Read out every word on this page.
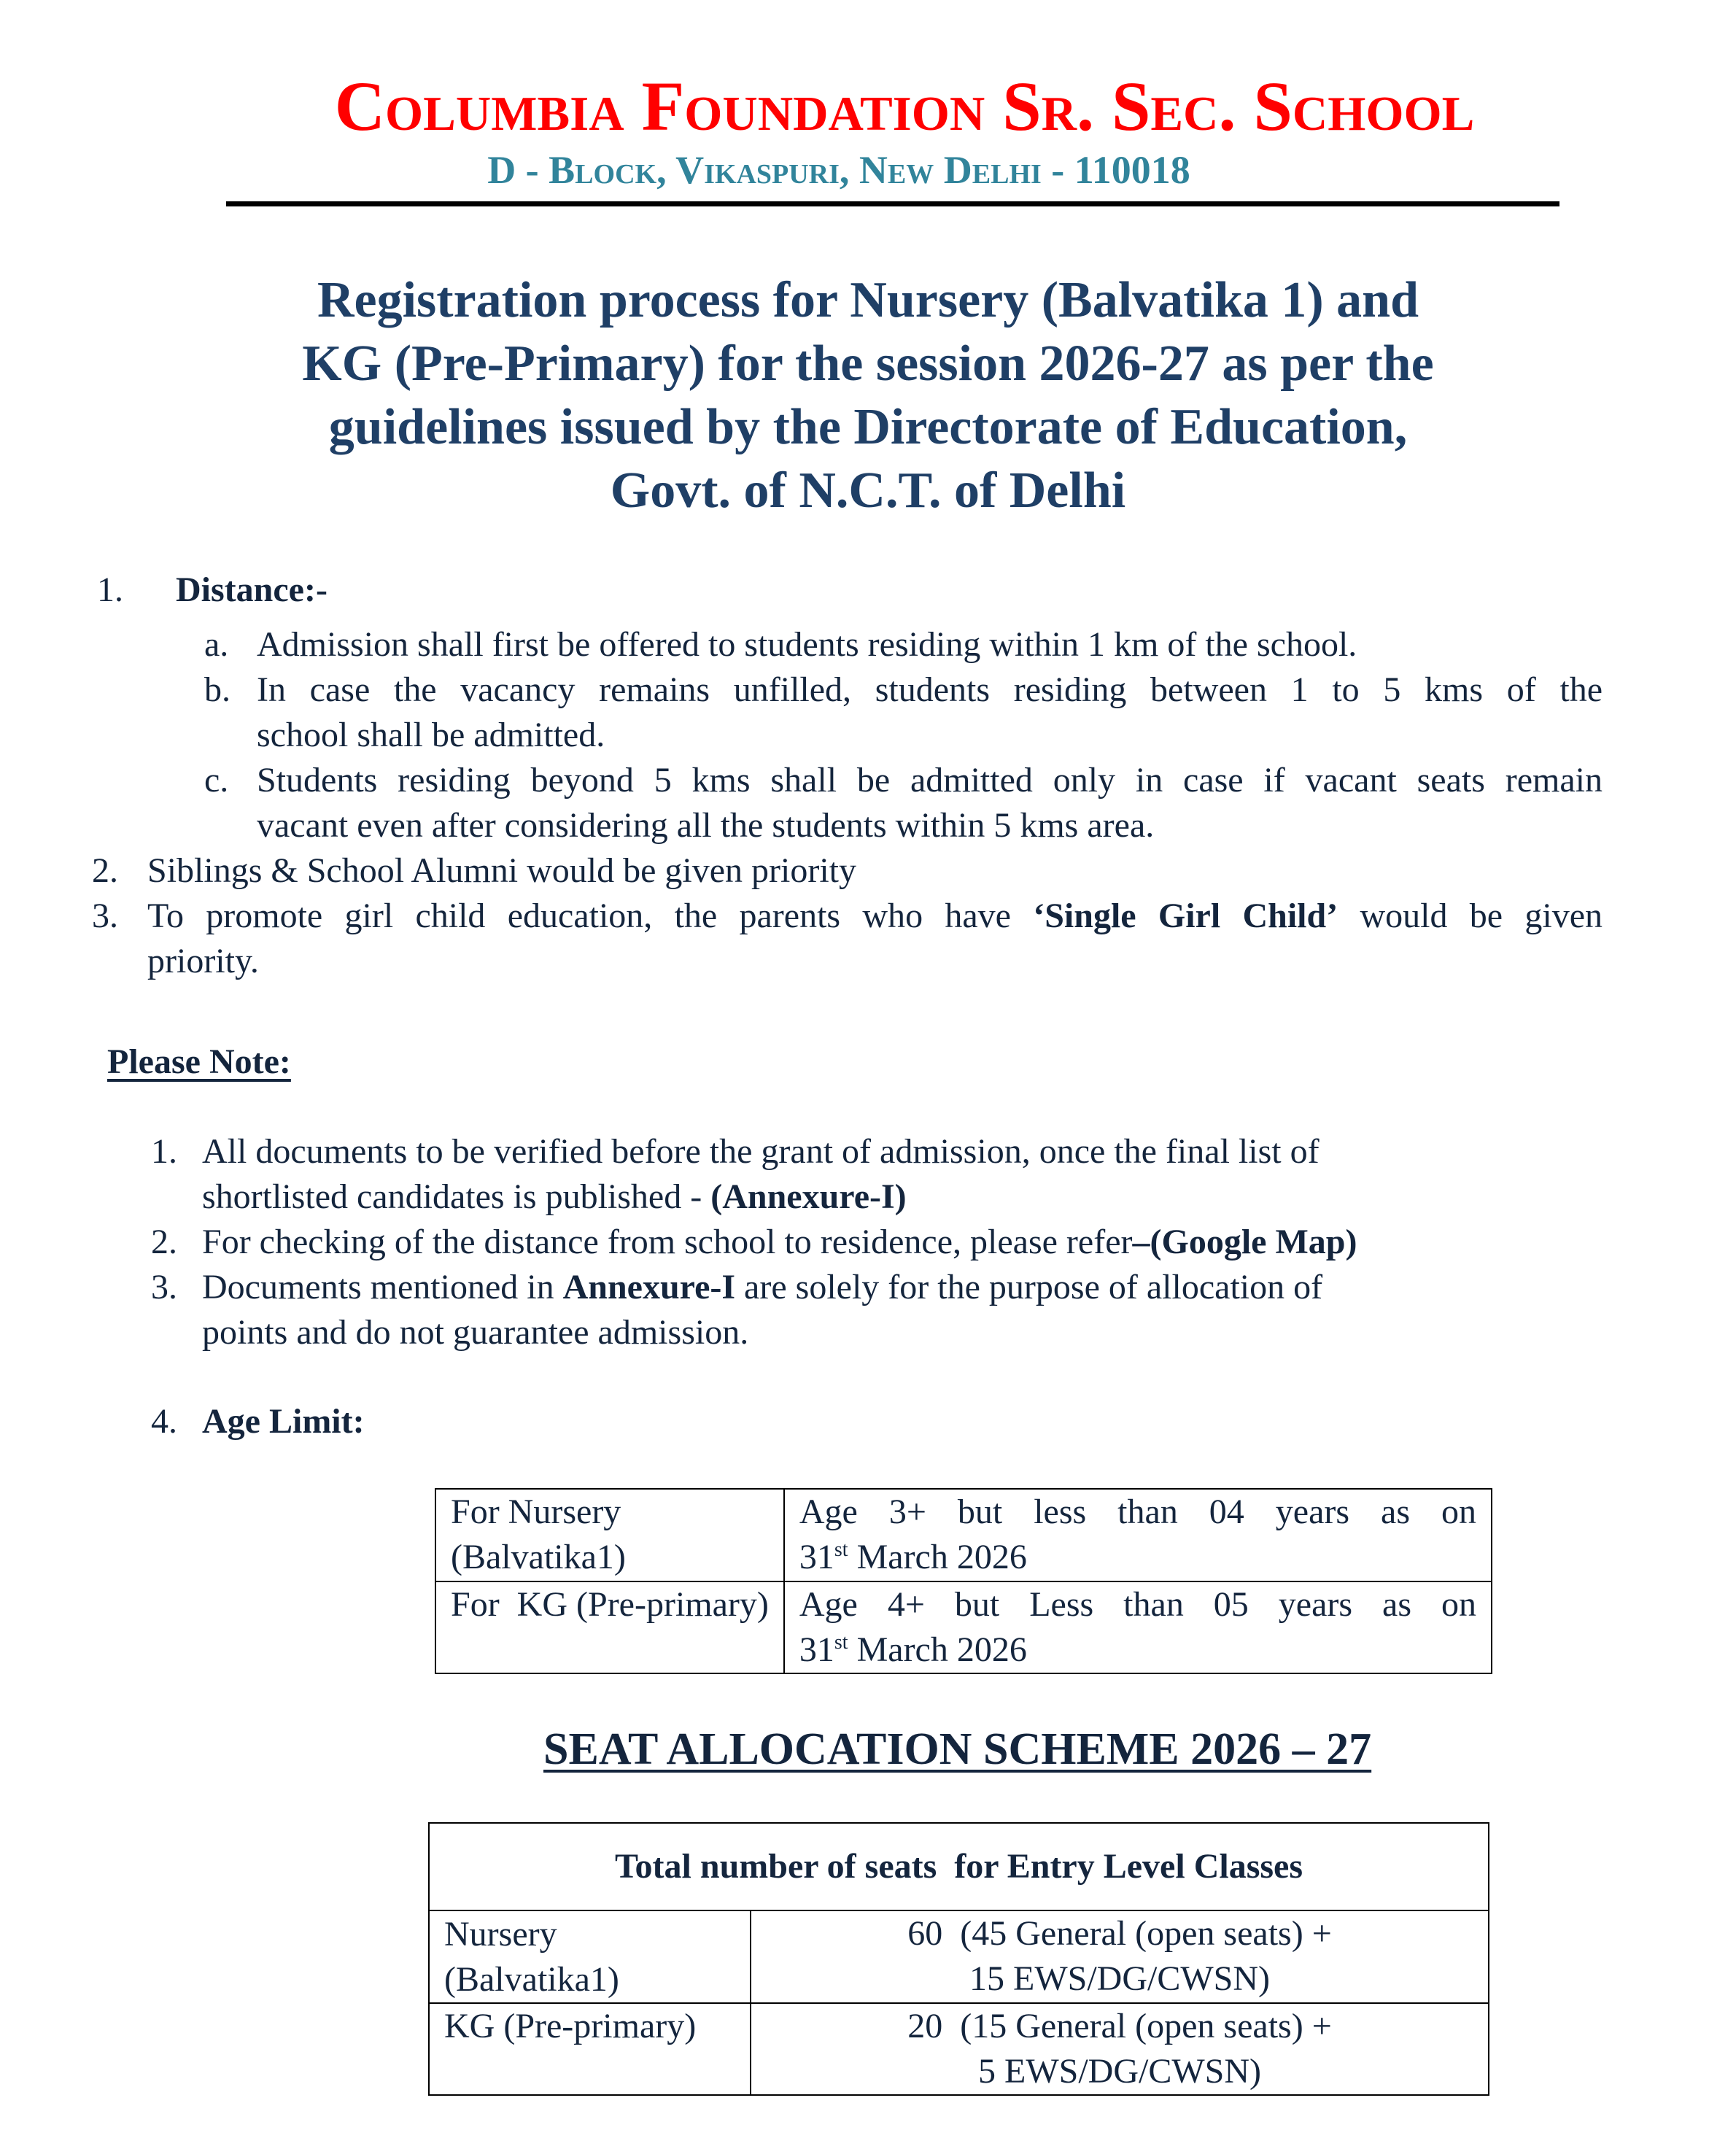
Columbia Foundation Sr. Sec. School
D - Block, Vikaspuri, New Delhi - 110018
Registration process for Nursery (Balvatika 1) and
KG (Pre-Primary) for the session 2026-27 as per the
guidelines issued by the Directorate of Education,
Govt. of N.C.T. of Delhi
1. Distance:-
a. Admission shall first be offered to students residing within 1 km of the school.
b. In case the vacancy remains unfilled, students residing between 1 to 5 kms of the
school shall be admitted.
c. Students residing beyond 5 kms shall be admitted only in case if vacant seats remain
vacant even after considering all the students within 5 kms area.
2. Siblings & School Alumni would be given priority
3. To promote girl child education, the parents who have ‘Single Girl Child’ would be given
priority.
Please Note:
1. All documents to be verified before the grant of admission, once the final list of
shortlisted candidates is published - (Annexure-I)
2. For checking of the distance from school to residence, please refer–(Google Map)
3. Documents mentioned in Annexure-I are solely for the purpose of allocation of
points and do not guarantee admission.
4. Age Limit:
For Nursery (Balvatika1)	Age 3+ but less than 04 years as on
31st March 2026

For  KG (Pre-primary)	Age 4+ but Less than 05 years as on
31st March 2026
SEAT ALLOCATION SCHEME 2026 – 27
Total number of seats  for Entry Level Classes	
Nursery (Balvatika1)	60  (45 General (open seats) +
15 EWS/DG/CWSN)

KG (Pre-primary)	20  (15 General (open seats) +
5 EWS/DG/CWSN)
